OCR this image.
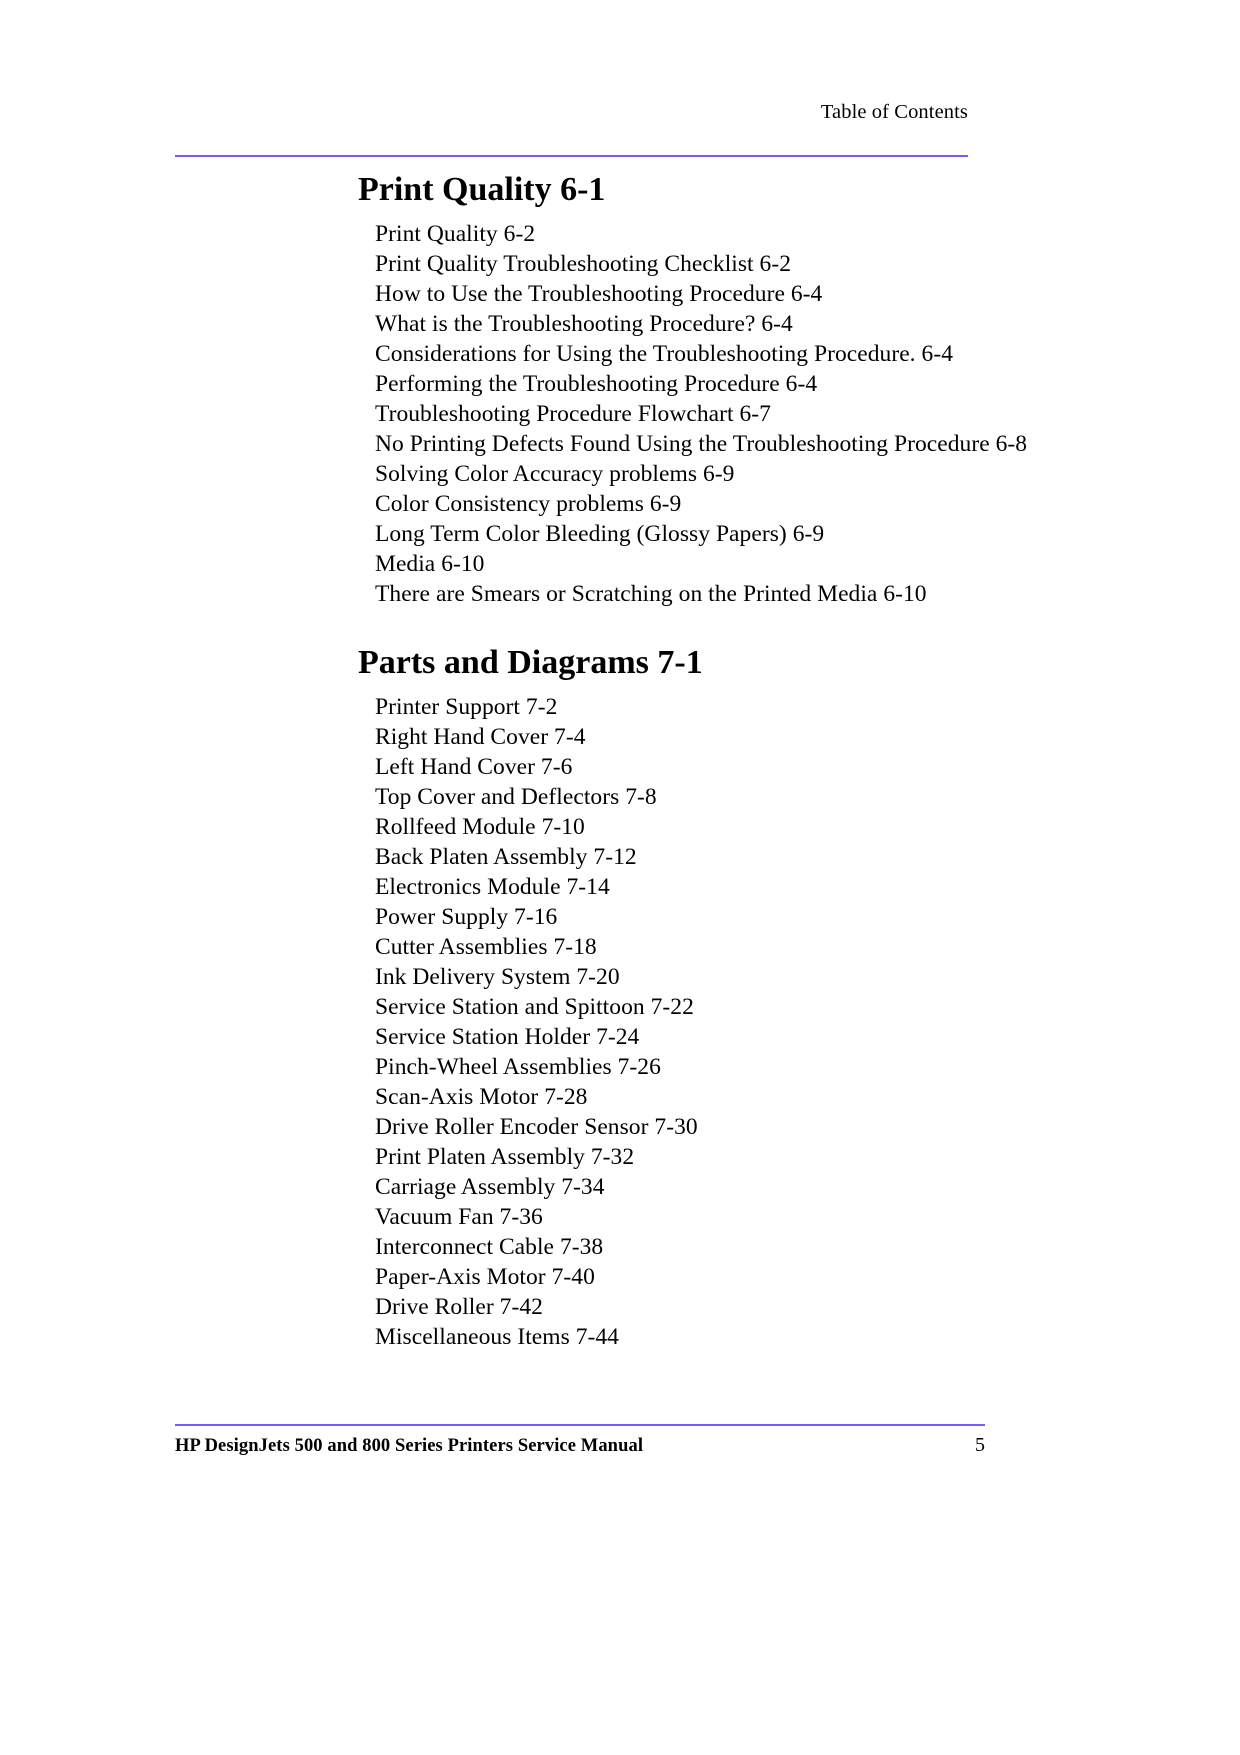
Table of Contents
Print Quality 6-1
Print Quality 6-2
Print Quality Troubleshooting Checklist 6-2
How to Use the Troubleshooting Procedure 6-4
What is the Troubleshooting Procedure? 6-4
Considerations for Using the Troubleshooting Procedure. 6-4
Performing the Troubleshooting Procedure 6-4
Troubleshooting Procedure Flowchart 6-7
No Printing Defects Found Using the Troubleshooting Procedure 6-8
Solving Color Accuracy problems 6-9
Color Consistency problems 6-9
Long Term Color Bleeding (Glossy Papers) 6-9
Media 6-10
There are Smears or Scratching on the Printed Media 6-10
Parts and Diagrams 7-1
Printer Support 7-2
Right Hand Cover 7-4
Left Hand Cover 7-6
Top Cover and Deflectors 7-8
Rollfeed Module 7-10
Back Platen Assembly 7-12
Electronics Module 7-14
Power Supply 7-16
Cutter Assemblies 7-18
Ink Delivery System 7-20
Service Station and Spittoon 7-22
Service Station Holder 7-24
Pinch-Wheel Assemblies 7-26
Scan-Axis Motor 7-28
Drive Roller Encoder Sensor 7-30
Print Platen Assembly 7-32
Carriage Assembly 7-34
Vacuum Fan 7-36
Interconnect Cable 7-38
Paper-Axis Motor 7-40
Drive Roller 7-42
Miscellaneous Items 7-44
HP DesignJets 500 and 800 Series Printers Service Manual	5
